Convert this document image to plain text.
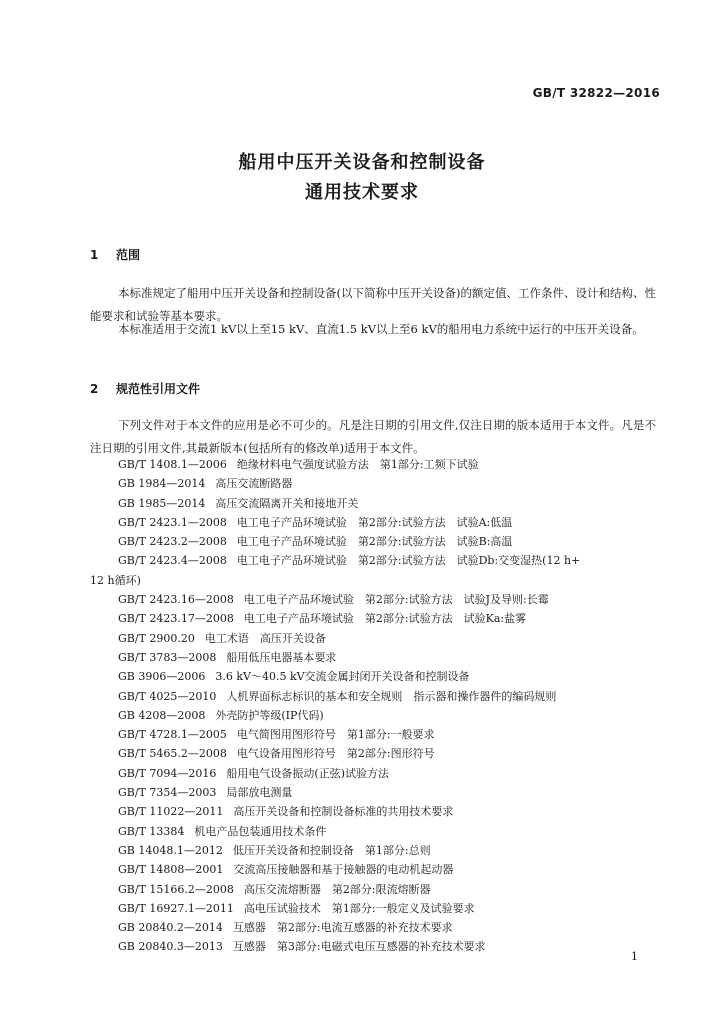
GB/T 32822—2016
船用中压开关设备和控制设备
通用技术要求
1 范围

本标准规定了船用中压开关设备和控制设备(以下简称中压开关设备)的额定值、工作条件、设计和结构、性能要求和试验等基本要求。

本标准适用于交流1 kV以上至15 kV、直流1.5 kV以上至6 kV的船用电力系统中运行的中压开关设备。

2 规范性引用文件

下列文件对于本文件的应用是必不可少的。凡是注日期的引用文件,仅注日期的版本适用于本文件。凡是不注日期的引用文件,其最新版本(包括所有的修改单)适用于本文件。

GB/T 1408.1—2006 绝缘材料电气强度试验方法　第1部分:工频下试验
GB 1984—2014 高压交流断路器
GB 1985—2014 高压交流隔离开关和接地开关
GB/T 2423.1—2008 电工电子产品环境试验　第2部分:试验方法　试验A:低温
GB/T 2423.2—2008 电工电子产品环境试验　第2部分:试验方法　试验B:高温
GB/T 2423.4—2008 电工电子产品环境试验　第2部分:试验方法　试验Db:交变湿热(12 h+
12 h循环)
GB/T 2423.16—2008 电工电子产品环境试验　第2部分:试验方法　试验J及导则:长霉
GB/T 2423.17—2008 电工电子产品环境试验　第2部分:试验方法　试验Ka:盐雾
GB/T 2900.20 电工术语　高压开关设备
GB/T 3783—2008 船用低压电器基本要求
GB 3906—2006 3.6 kV～40.5 kV交流金属封闭开关设备和控制设备
GB/T 4025—2010 人机界面标志标识的基本和安全规则　指示器和操作器件的编码规则
GB 4208—2008 外壳防护等级(IP代码)
GB/T 4728.1—2005 电气简图用图形符号　第1部分:一般要求
GB/T 5465.2—2008 电气设备用图形符号　第2部分:图形符号
GB/T 7094—2016 船用电气设备振动(正弦)试验方法
GB/T 7354—2003 局部放电测量
GB/T 11022—2011 高压开关设备和控制设备标准的共用技术要求
GB/T 13384 机电产品包装通用技术条件
GB 14048.1—2012 低压开关设备和控制设备　第1部分:总则
GB/T 14808—2001 交流高压接触器和基于接触器的电动机起动器
GB/T 15166.2—2008 高压交流熔断器　第2部分:限流熔断器
GB/T 16927.1—2011 高电压试验技术　第1部分:一般定义及试验要求
GB 20840.2—2014 互感器　第2部分:电流互感器的补充技术要求
GB 20840.3—2013 互感器　第3部分:电磁式电压互感器的补充技术要求
1
